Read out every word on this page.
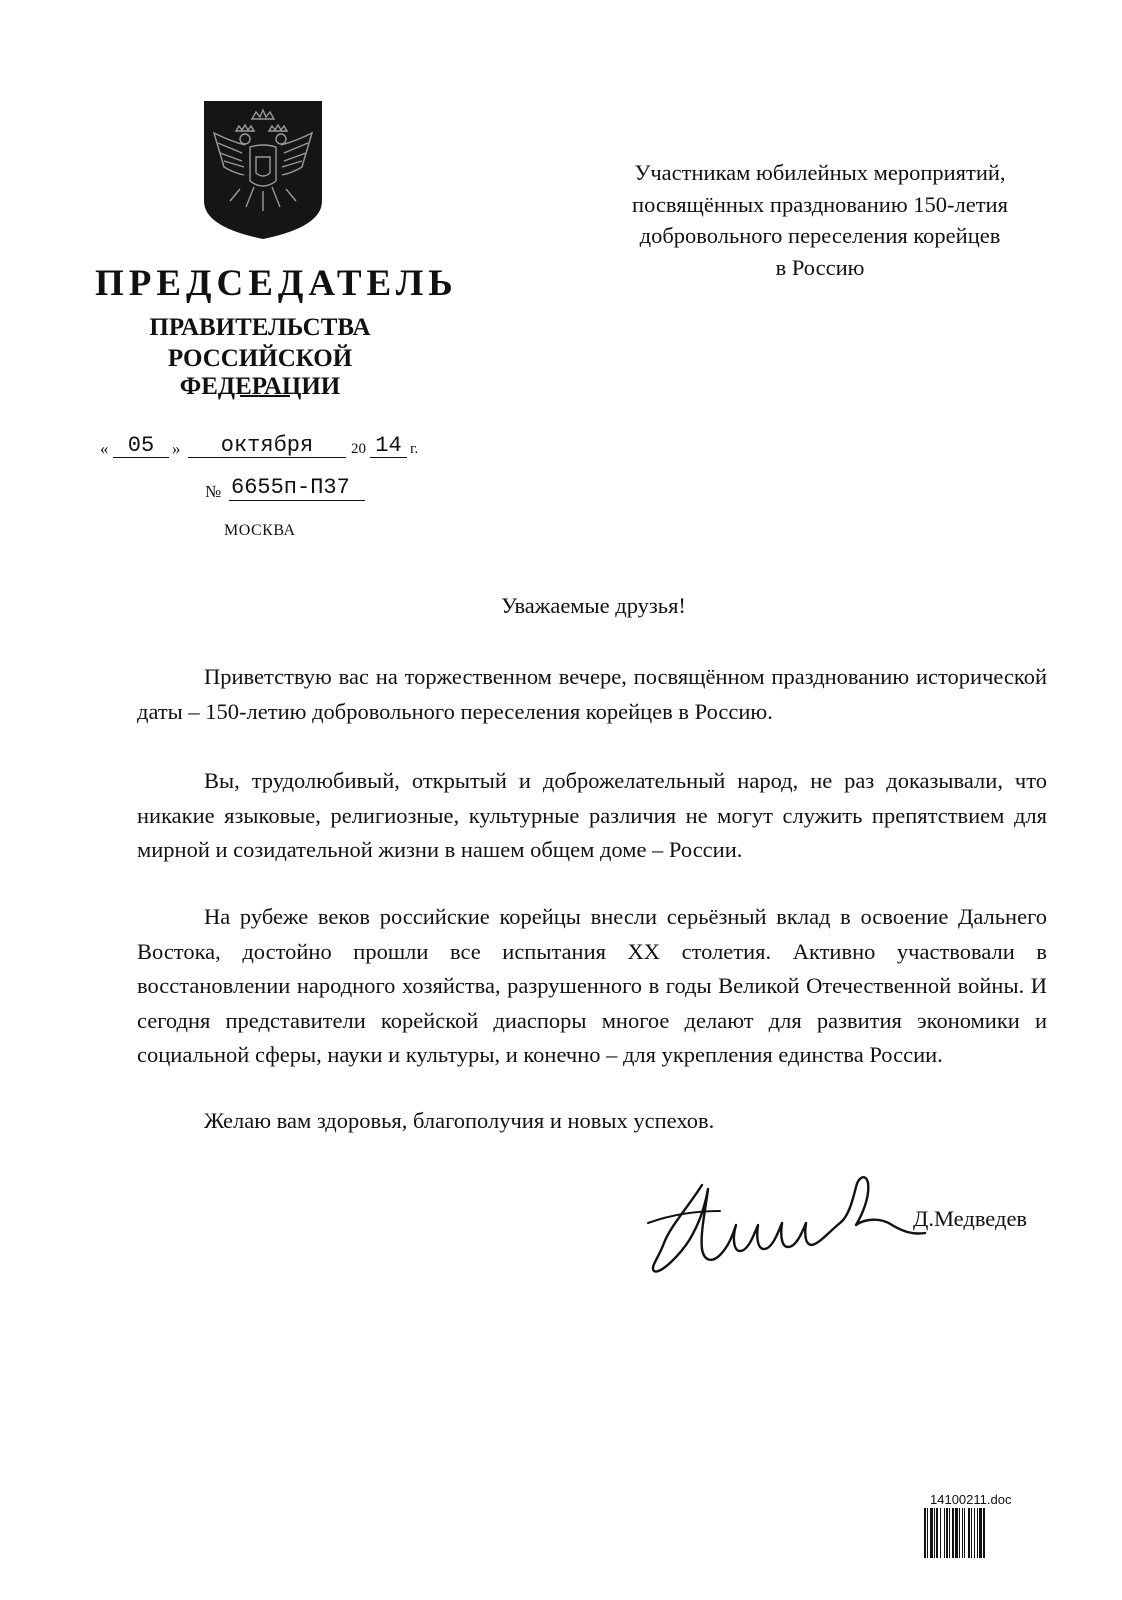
ПРЕДСЕДАТЕЛЬ
ПРАВИТЕЛЬСТВА
РОССИЙСКОЙ ФЕДЕРАЦИИ
« 05	»	октября	20 14 г.
№ 6655п-П37
МОСКВА
Участникам юбилейных мероприятий,
посвящённых празднованию 150-летия
добровольного переселения корейцев
в Россию
Уважаемые друзья!

Приветствую вас на торжественном вечере, посвящённом празднованию исторической даты – 150-летию добровольного переселения корейцев в Россию.

Вы, трудолюбивый, открытый и доброжелательный народ, не раз доказывали, что никакие языковые, религиозные, культурные различия не могут служить препятствием для мирной и созидательной жизни в нашем общем доме – России.

На рубеже веков российские корейцы внесли серьёзный вклад в освоение Дальнего Востока, достойно прошли все испытания XX столетия. Активно участвовали в восстановлении народного хозяйства, разрушенного в годы Великой Отечественной войны. И сегодня представители корейской диаспоры многое делают для развития экономики и социальной сферы, науки и культуры, и конечно – для укрепления единства России.

Желаю вам здоровья, благополучия и новых успехов.

Д.Медведев
14100211.doc
